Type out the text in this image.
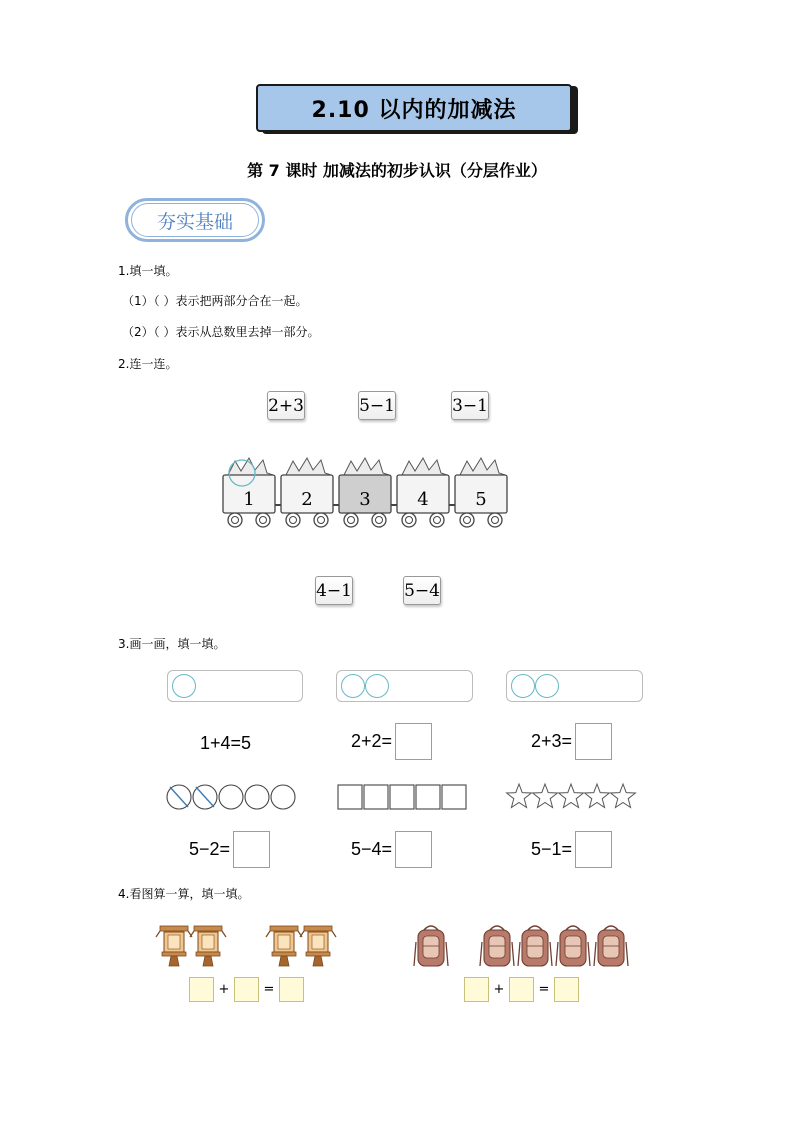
2.10 以内的加减法
第 7 课时 加减法的初步认识（分层作业）
夯实基础
1.填一填。
（1）（ ）表示把两部分合在一起。
（2）（ ）表示从总数里去掉一部分。
2.连一连。
2+3	5−1	3−1
1	2	3	4	5
4−1	5−4
3.画一画，填一填。
1+4=5	2+2=	2+3=
5−2=	5−4=	5−1=
4.看图算一算，填一填。
+	=	+	=
